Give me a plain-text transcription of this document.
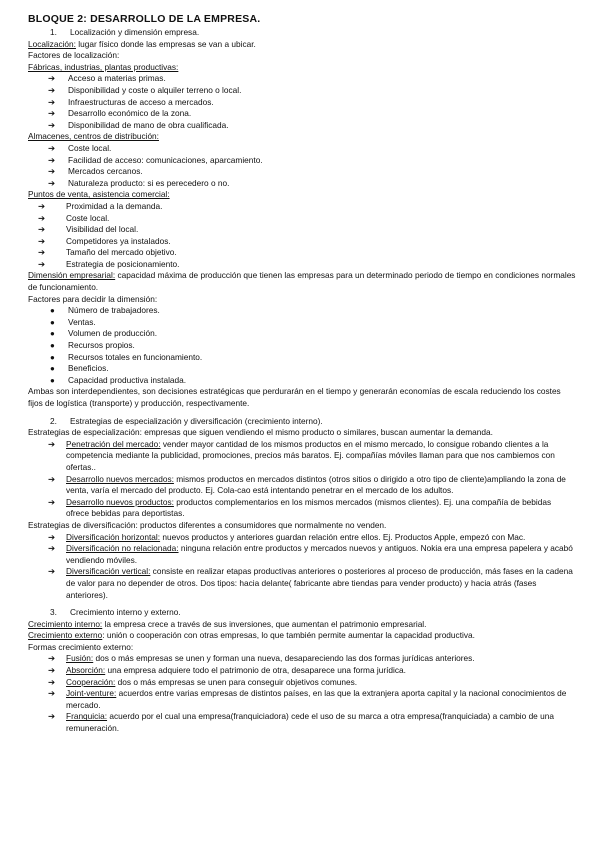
BLOQUE 2: DESARROLLO DE LA EMPRESA.

1. Localización y dimensión empresa.

Localización: lugar físico donde las empresas se van a ubicar.

Factores de localización:

Fábricas, industrias, plantas productivas:

➔ Acceso a materias primas.
➔ Disponibilidad y coste o alquiler terreno o local.
➔ Infraestructuras de acceso a mercados.
➔ Desarrollo económico de la zona.
➔ Disponibilidad de mano de obra cualificada.

Almacenes, centros de distribución:

➔ Coste local.
➔ Facilidad de acceso: comunicaciones, aparcamiento.
➔ Mercados cercanos.
➔ Naturaleza producto: si es perecedero o no.

Puntos de venta, asistencia comercial:

➔	Proximidad a la demanda.
➔	Coste local.
➔	Visibilidad del local.
➔	Competidores ya instalados.
➔	Tamaño del mercado objetivo.
➔	Estrategia de posicionamiento.

Dimensión empresarial: capacidad máxima de producción que tienen las empresas para un determinado periodo de tiempo en condiciones normales de funcionamiento.

Factores para decidir la dimensión:

● Número de trabajadores.
● Ventas.
● Volumen de producción.
● Recursos propios.
● Recursos totales en funcionamiento.
● Beneficios.
● Capacidad productiva instalada.

Ambas son interdependientes, son decisiones estratégicas que perdurarán en el tiempo y generarán economías de escala reduciendo los costes fijos de logística (transporte) y producción, respectivamente.

2. Estrategias de especialización y diversificación (crecimiento interno).

Estrategias de especialización: empresas que siguen vendiendo el mismo producto o similares, buscan aumentar la demanda.

➔ Penetración del mercado: vender mayor cantidad de los mismos productos en el mismo mercado, lo consigue robando clientes a la competencia mediante la publicidad, promociones, precios más baratos. Ej. compañías móviles llaman para que nos cambiemos con ofertas..
➔ Desarrollo nuevos mercados: mismos productos en mercados distintos (otros sitios o dirigido a otro tipo de cliente)ampliando la zona de venta, varía el mercado del producto. Ej. Cola-cao está intentando penetrar en el mercado de los adultos.
➔ Desarrollo nuevos productos: productos complementarios en los mismos mercados (mismos clientes). Ej. una compañía de bebidas ofrece bebidas para deportistas.

Estrategias de diversificación: productos diferentes a consumidores que normalmente no venden.

➔ Diversificación horizontal: nuevos productos y anteriores guardan relación entre ellos. Ej. Productos Apple, empezó con Mac.
➔ Diversificación no relacionada: ninguna relación entre productos y mercados nuevos y antiguos. Nokia era una empresa papelera y acabó vendiendo móviles.
➔ Diversificación vertical: consiste en realizar etapas productivas anteriores o posteriores al proceso de producción, más fases en la cadena de valor para no depender de otros. Dos tipos: hacia delante( fabricante abre tiendas para vender producto) y hacia atrás (fases anteriores).

3. Crecimiento interno y externo.

Crecimiento interno: la empresa crece a través de sus inversiones, que aumentan el patrimonio empresarial.

Crecimiento externo: unión o cooperación con otras empresas, lo que también permite aumentar la capacidad productiva.

Formas crecimiento externo:

➔ Fusión: dos o más empresas se unen y forman una nueva, desapareciendo las dos formas jurídicas anteriores.
➔ Absorción: una empresa adquiere todo el patrimonio de otra, desaparece una forma jurídica.
➔ Cooperación: dos o más empresas se unen para conseguir objetivos comunes.
➔ Joint-venture: acuerdos entre varias empresas de distintos países, en las que la extranjera aporta capital y la nacional conocimientos de mercado.
➔ Franquicia: acuerdo por el cual una empresa(franquiciadora) cede el uso de su marca a otra empresa(franquiciada) a cambio de una remuneración.
